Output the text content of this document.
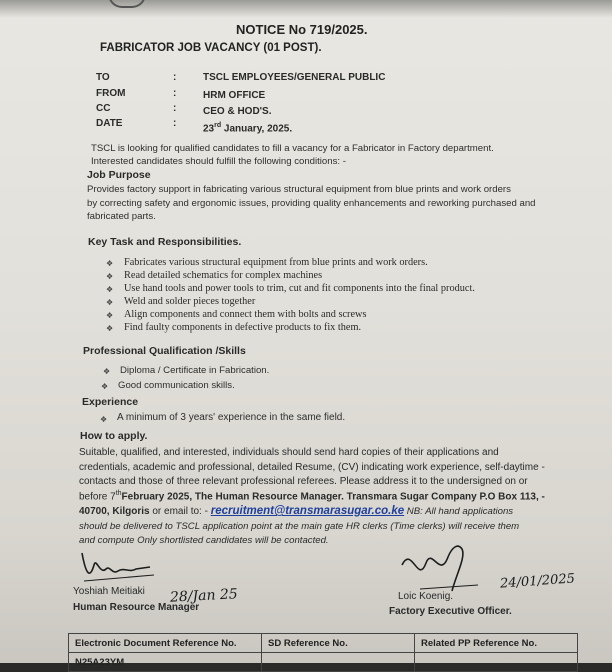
NOTICE No 719/2025.
FABRICATOR JOB VACANCY (01 POST).
TO	:	TSCL EMPLOYEES/GENERAL PUBLIC
FROM	:	HRM OFFICE
CC	:	CEO & HOD'S.
DATE	:	23rd January, 2025.
TSCL is looking for qualified candidates to fill a vacancy for a Fabricator in Factory department.
Interested candidates should fulfill the following conditions: -
Job Purpose
Provides factory support in fabricating various structural equipment from blue prints and work orders
by correcting safety and ergonomic issues, providing quality enhancements and reworking purchased and
fabricated parts.
Key Task and Responsibilities.
❖ Fabricates various structural equipment from blue prints and work orders.
❖ Read detailed schematics for complex machines
❖ Use hand tools and power tools to trim, cut and fit components into the final product.
❖ Weld and solder pieces together
❖ Align components and connect them with bolts and screws
❖ Find faulty components in defective products to fix them.
Professional Qualification /Skills
❖ Diploma / Certificate in Fabrication.
❖ Good communication skills.
Experience
❖ A minimum of 3 years' experience in the same field.
How to apply.
Suitable, qualified, and interested, individuals should send hard copies of their applications and
credentials, academic and professional, detailed Resume, (CV) indicating work experience, self-daytime -
contacts and those of three relevant professional referees. Please address it to the undersigned on or
before 7thFebruary 2025, The Human Resource Manager. Transmara Sugar Company P.O Box 113, -
40700, Kilgoris or email to: - recruitment@transmarasugar.co.ke NB: All hand applications
should be delivered to TSCL application point at the main gate HR clerks (Time clerks) will receive them
and compute Only shortlisted candidates will be contacted.
Yoshiah Meitiaki 28/Jan 25
Human Resource Manager
24/01/2025
Loic Koenig.
Factory Executive Officer.
Electronic Document Reference No.	SD Reference No.	Related PP Reference No.
N25A23YM		
